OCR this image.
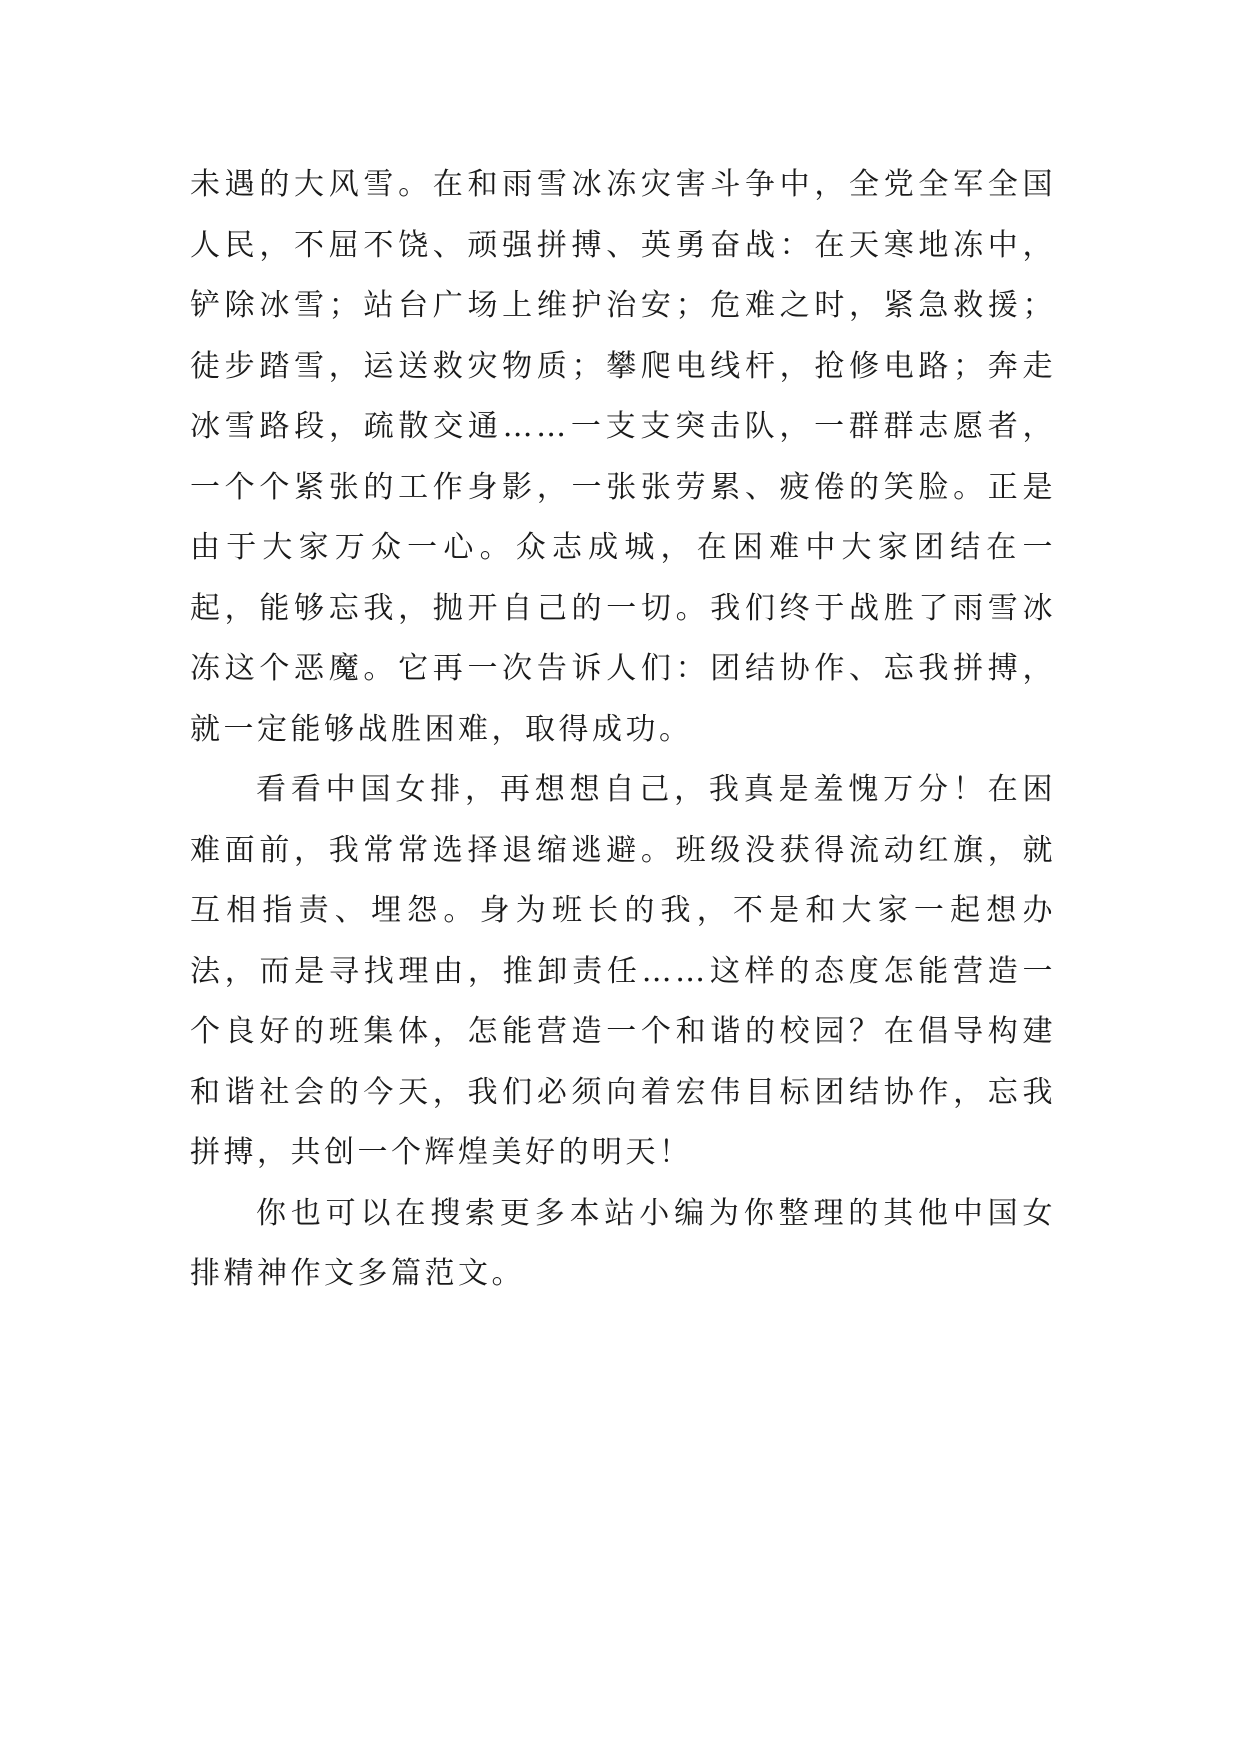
未遇的大风雪。在和雨雪冰冻灾害斗争中，全党全军全国人民，不屈不饶、顽强拼搏、英勇奋战：在天寒地冻中，铲除冰雪；站台广场上维护治安；危难之时，紧急救援；徒步踏雪，运送救灾物质；攀爬电线杆，抢修电路；奔走冰雪路段，疏散交通……一支支突击队，一群群志愿者，一个个紧张的工作身影，一张张劳累、疲倦的笑脸。正是由于大家万众一心。众志成城，在困难中大家团结在一起，能够忘我，抛开自己的一切。我们终于战胜了雨雪冰冻这个恶魔。它再一次告诉人们：团结协作、忘我拼搏，就一定能够战胜困难，取得成功。

看看中国女排，再想想自己，我真是羞愧万分！在困难面前，我常常选择退缩逃避。班级没获得流动红旗，就互相指责、埋怨。身为班长的我，不是和大家一起想办法，而是寻找理由，推卸责任……这样的态度怎能营造一个良好的班集体，怎能营造一个和谐的校园？在倡导构建和谐社会的今天，我们必须向着宏伟目标团结协作，忘我拼搏，共创一个辉煌美好的明天！

你也可以在搜索更多本站小编为你整理的其他中国女排精神作文多篇范文。
